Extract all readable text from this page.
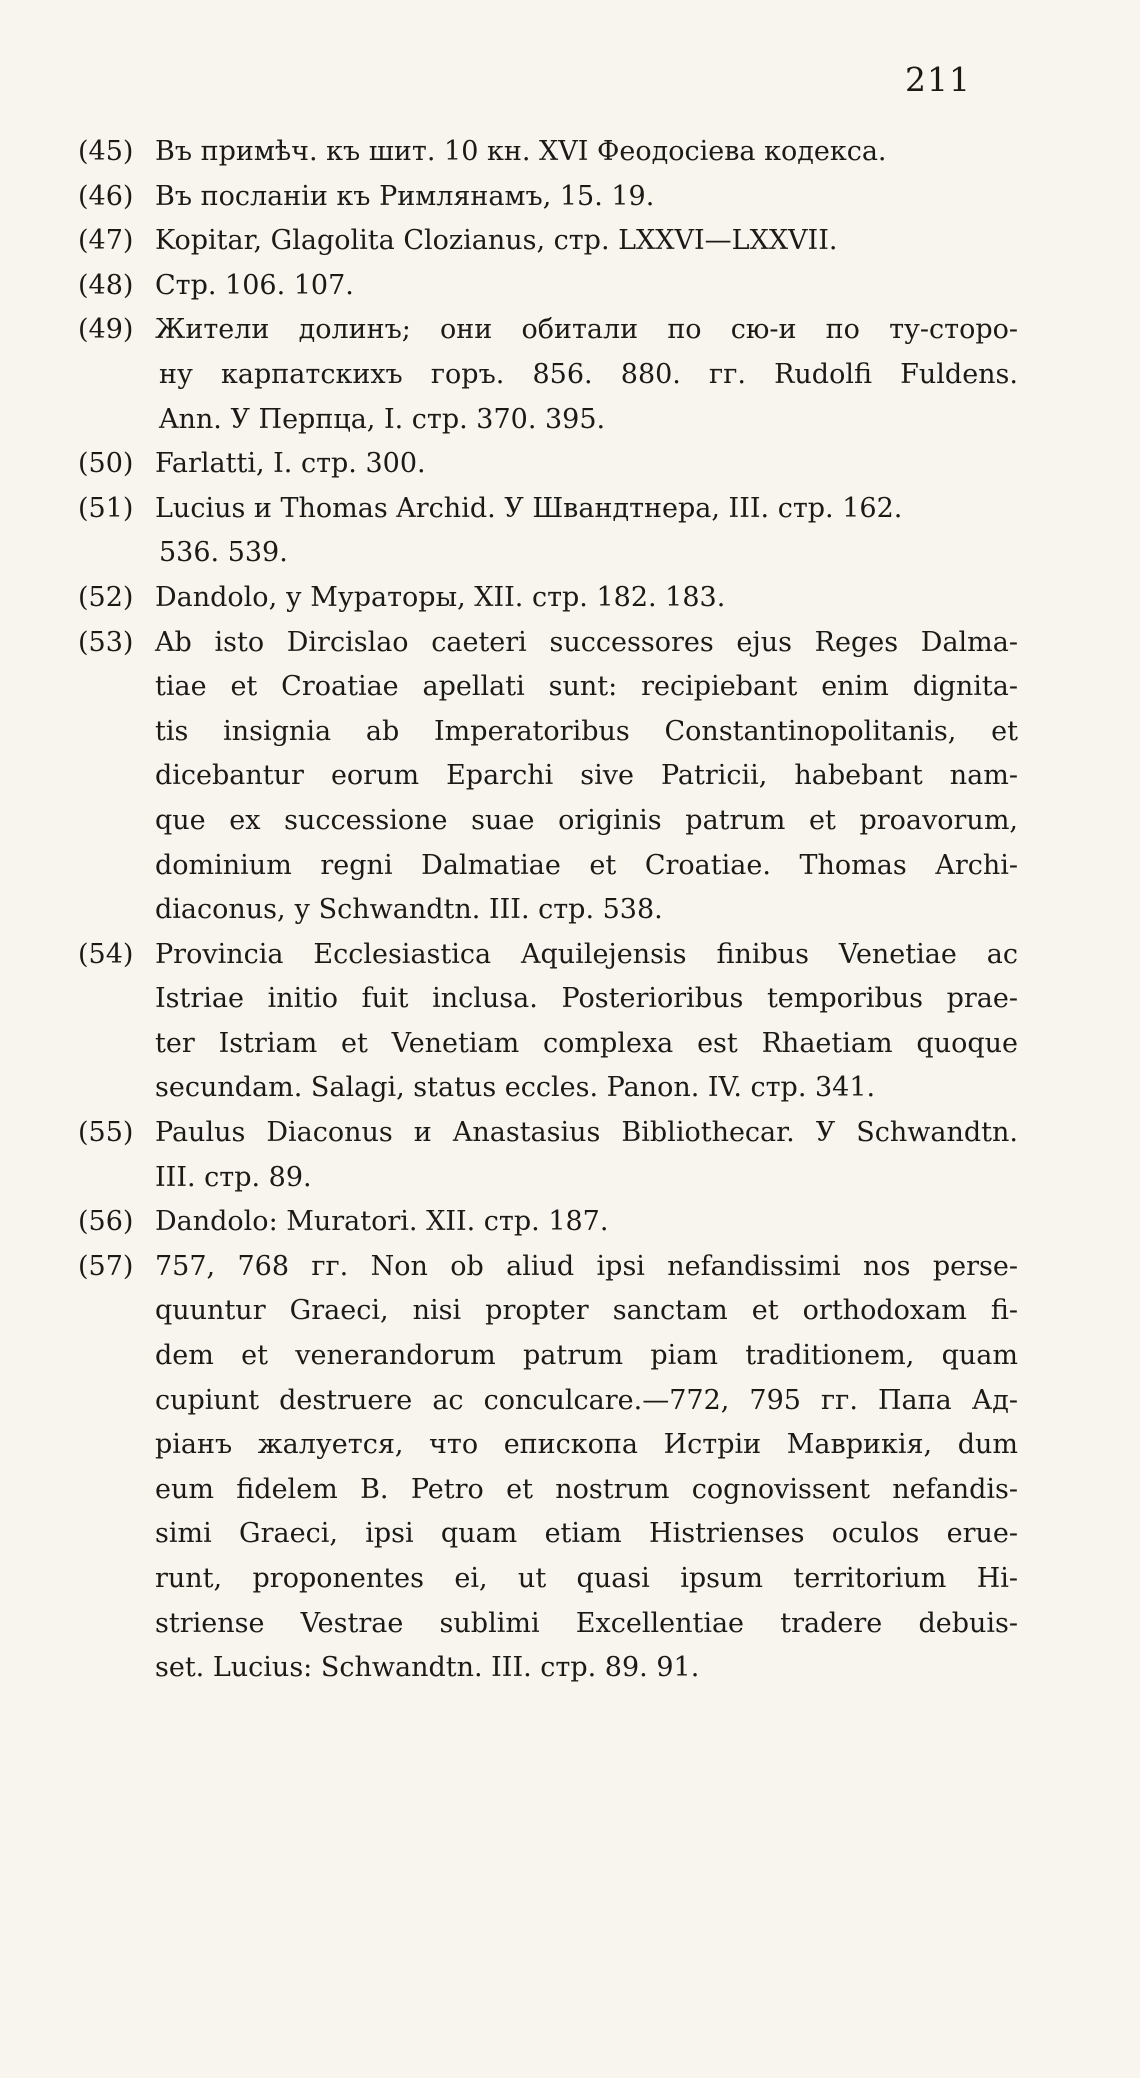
211
(45) Въ примѣч. къ шит. 10 кн. XVI Феодосіева кодекса.
(46) Въ посланіи къ Римлянамъ, 15. 19.
(47) Kopitar, Glagolita Clozianus, стр. LXXVI—LXXVII.
(48) Стр. 106. 107.
(49) Жители долинъ; они обитали по сю-и по ту-сторо-
ну карпатскихъ горъ. 856. 880. гг. Rudolfi Fuldens.
Ann. У Перпца, I. стр. 370. 395.
(50) Farlatti, I. стр. 300.
(51) Lucius и Thomas Archid. У Швандтнера, III. стр. 162.
536. 539.
(52) Dandolo, у Мураторы, XII. стр. 182. 183.
(53) Ab isto Dircislao caeteri successores ejus Reges Dalma-
tiae et Croatiae apellati sunt: recipiebant enim dignita-
tis insignia ab Imperatoribus Constantinopolitanis, et
dicebantur eorum Eparchi sive Patricii, habebant nam-
que ex successione suae originis patrum et proavorum,
dominium regni Dalmatiae et Croatiae. Thomas Archi-
diaconus, у Schwandtn. III. стр. 538.
(54) Provincia Ecclesiastica Aquilejensis finibus Venetiae ac
Istriae initio fuit inclusa. Posterioribus temporibus prae-
ter Istriam et Venetiam complexa est Rhaetiam quoque
secundam. Salagi, status eccles. Panon. IV. стр. 341.
(55) Paulus Diaconus и Anastasius Bibliothecar. У Schwandtn.
III. стр. 89.
(56) Dandolo: Muratori. XII. стр. 187.
(57) 757, 768 гг. Non ob aliud ipsi nefandissimi nos perse-
quuntur Graeci, nisi propter sanctam et orthodoxam fi-
dem et venerandorum patrum piam traditionem, quam
cupiunt destruere ac conculcare.—772, 795 гг. Папа Ад-
ріанъ жалуется, что епископа Истріи Маврикія, dum
eum fidelem B. Petro et nostrum cognovissent nefandis-
simi Graeci, ipsi quam etiam Histrienses oculos erue-
runt, proponentes ei, ut quasi ipsum territorium Hi-
striense Vestrae sublimi Excellentiae tradere debuis-
set. Lucius: Schwandtn. III. стр. 89. 91.
